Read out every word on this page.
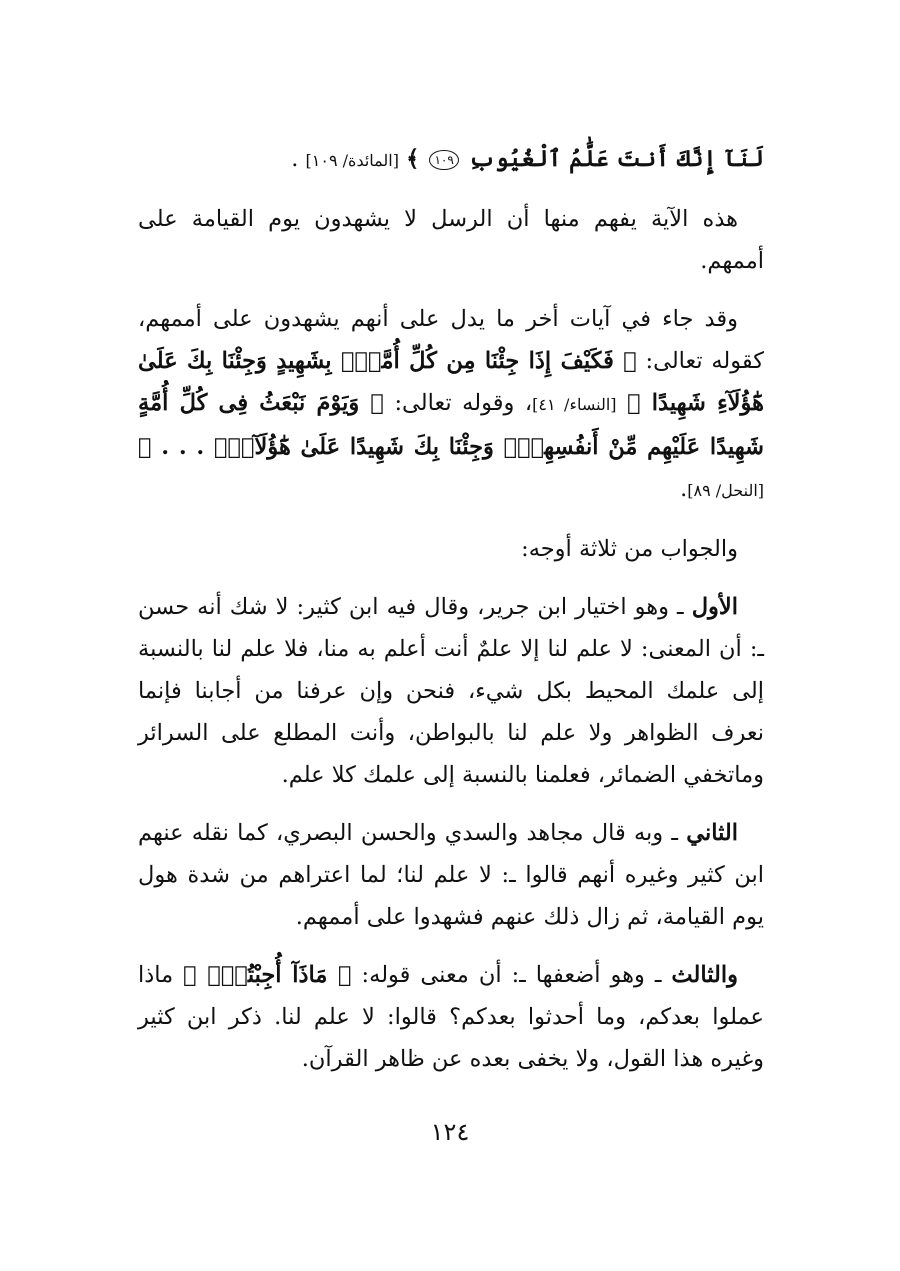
لَنَآ إِنَّكَ أَنتَ عَلَّٰمُ ٱلْغُيُوبِ ١٠٩ ﴾ [المائدة/ ١٠٩] .

هذه الآية يفهم منها أن الرسل لا يشهدون يوم القيامة على أممهم.

وقد جاء في آيات أخر ما يدل على أنهم يشهدون على أممهم، كقوله تعالى: ﴿ فَكَيْفَ إِذَا جِئْنَا مِن كُلِّ أُمَّةٍۭ بِشَهِيدٍ وَجِئْنَا بِكَ عَلَىٰ هَٰٓؤُلَآءِ شَهِيدًا ﴾ [النساء/ ٤١]، وقوله تعالى: ﴿ وَيَوْمَ نَبْعَثُ فِى كُلِّ أُمَّةٍ شَهِيدًا عَلَيْهِم مِّنْ أَنفُسِهِمْۖ وَجِئْنَا بِكَ شَهِيدًا عَلَىٰ هَٰٓؤُلَآءِۚ . . . ﴾ [النحل/ ٨٩].

والجواب من ثلاثة أوجه:

الأول ـ وهو اختيار ابن جرير، وقال فيه ابن كثير: لا شك أنه حسن ـ: أن المعنى: لا علم لنا إلا علمٌ أنت أعلم به منا، فلا علم لنا بالنسبة إلى علمك المحيط بكل شيء، فنحن وإن عرفنا من أجابنا فإنما نعرف الظواهر ولا علم لنا بالبواطن، وأنت المطلع على السرائر وماتخفي الضمائر، فعلمنا بالنسبة إلى علمك كلا علم.

الثاني ـ وبه قال مجاهد والسدي والحسن البصري، كما نقله عنهم ابن كثير وغيره أنهم قالوا ـ: لا علم لنا؛ لما اعتراهم من شدة هول يوم القيامة، ثم زال ذلك عنهم فشهدوا على أممهم.

والثالث ـ وهو أضعفها ـ: أن معنى قوله: ﴿ مَاذَآ أُجِبْتُمْۖ ﴾ ماذا عملوا بعدكم، وما أحدثوا بعدكم؟ قالوا: لا علم لنا. ذكر ابن كثير وغيره هذا القول، ولا يخفى بعده عن ظاهر القرآن.

١٢٤
